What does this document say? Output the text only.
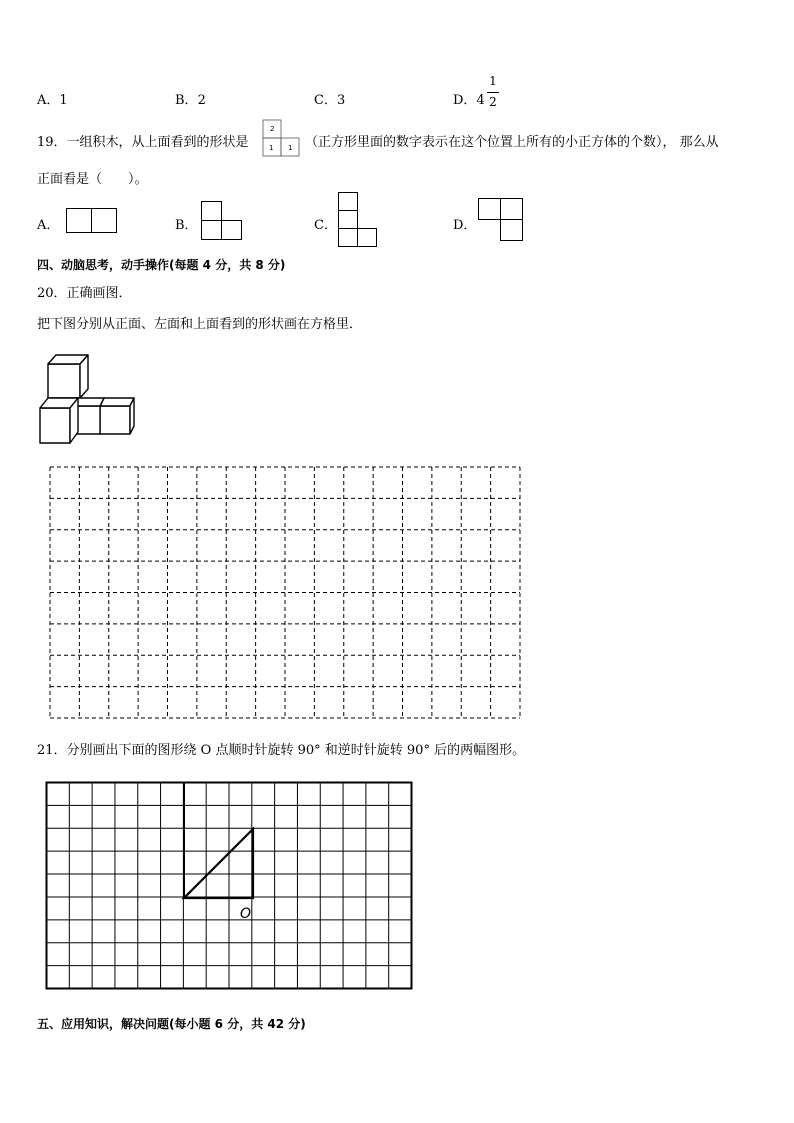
A．1	B．2	C．3	D．4
1
2
19．一组积木，从上面看到的形状是
2
1 1 （正方形里面的数字表示在这个位置上所有的小正方体的个数）， 那么从
正面看是（　　）。
A．	B．	C．	D．
四、动脑思考，动手操作(每题 4 分，共 8 分)
20．正确画图．
把下图分别从正面、左面和上面看到的形状画在方格里．
21．分别画出下面的图形绕 O 点顺时针旋转 90° 和逆时针旋转 90° 后的两幅图形。
O
五、应用知识，解决问题(每小题 6 分，共 42 分)
